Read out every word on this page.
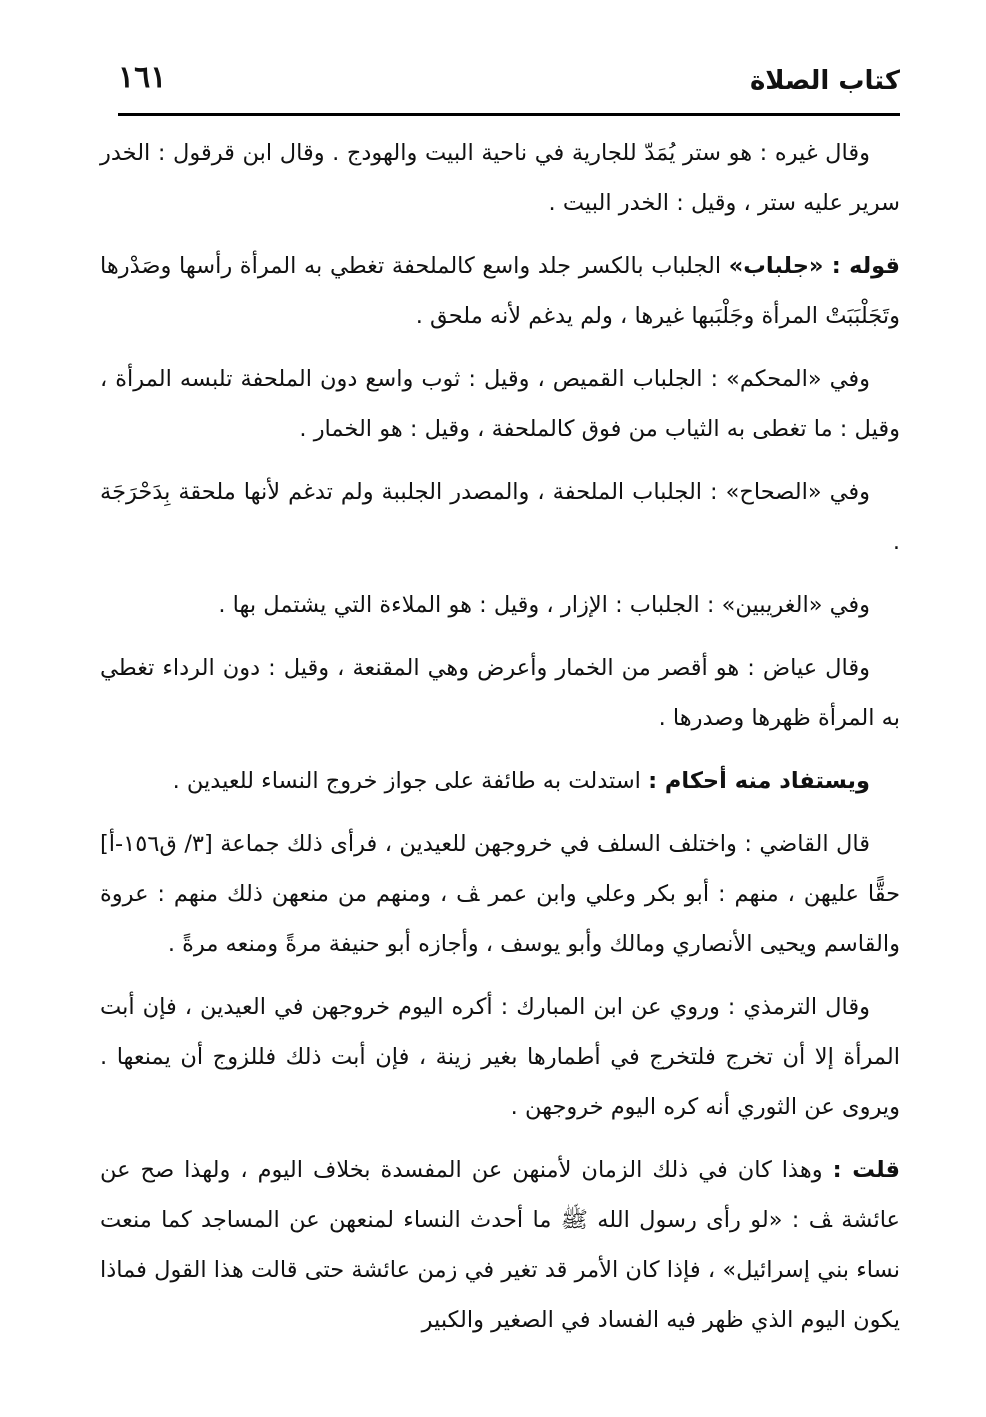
١٦١	كتاب الصلاة

وقال غيره : هو ستر يُمَدّ للجارية في ناحية البيت والهودج . وقال ابن قرقول : الخدر سرير عليه ستر ، وقيل : الخدر البيت .

قوله : «جلباب» الجلباب بالكسر جلد واسع كالملحفة تغطي به المرأة رأسها وصَدْرها وتَجَلْبَبَتْ المرأة وجَلْبَبها غيرها ، ولم يدغم لأنه ملحق .

وفي «المحكم» : الجلباب القميص ، وقيل : ثوب واسع دون الملحفة تلبسه المرأة ، وقيل : ما تغطى به الثياب من فوق كالملحفة ، وقيل : هو الخمار .

وفي «الصحاح» : الجلباب الملحفة ، والمصدر الجلببة ولم تدغم لأنها ملحقة بِدَحْرَجَة .

وفي «الغريبين» : الجلباب : الإزار ، وقيل : هو الملاءة التي يشتمل بها .

وقال عياض : هو أقصر من الخمار وأعرض وهي المقنعة ، وقيل : دون الرداء تغطي به المرأة ظهرها وصدرها .

ويستفاد منه أحكام : استدلت به طائفة على جواز خروج النساء للعيدين .

قال القاضي : واختلف السلف في خروجهن للعيدين ، فرأى ذلك جماعة [٣/ ق١٥٦-أ] حقًّا عليهن ، منهم : أبو بكر وعلي وابن عمر ﭫ ، ومنهم من منعهن ذلك منهم : عروة والقاسم ويحيى الأنصاري ومالك وأبو يوسف ، وأجازه أبو حنيفة مرةً ومنعه مرةً .

وقال الترمذي : وروي عن ابن المبارك : أكره اليوم خروجهن في العيدين ، فإن أبت المرأة إلا أن تخرج فلتخرج في أطمارها بغير زينة ، فإن أبت ذلك فللزوج أن يمنعها . ويروى عن الثوري أنه كره اليوم خروجهن .

قلت : وهذا كان في ذلك الزمان لأمنهن عن المفسدة بخلاف اليوم ، ولهذا صح عن عائشة ﭫ : «لو رأى رسول الله ﷺ ما أحدث النساء لمنعهن عن المساجد كما منعت نساء بني إسرائيل» ، فإذا كان الأمر قد تغير في زمن عائشة حتى قالت هذا القول فماذا يكون اليوم الذي ظهر فيه الفساد في الصغير والكبير
